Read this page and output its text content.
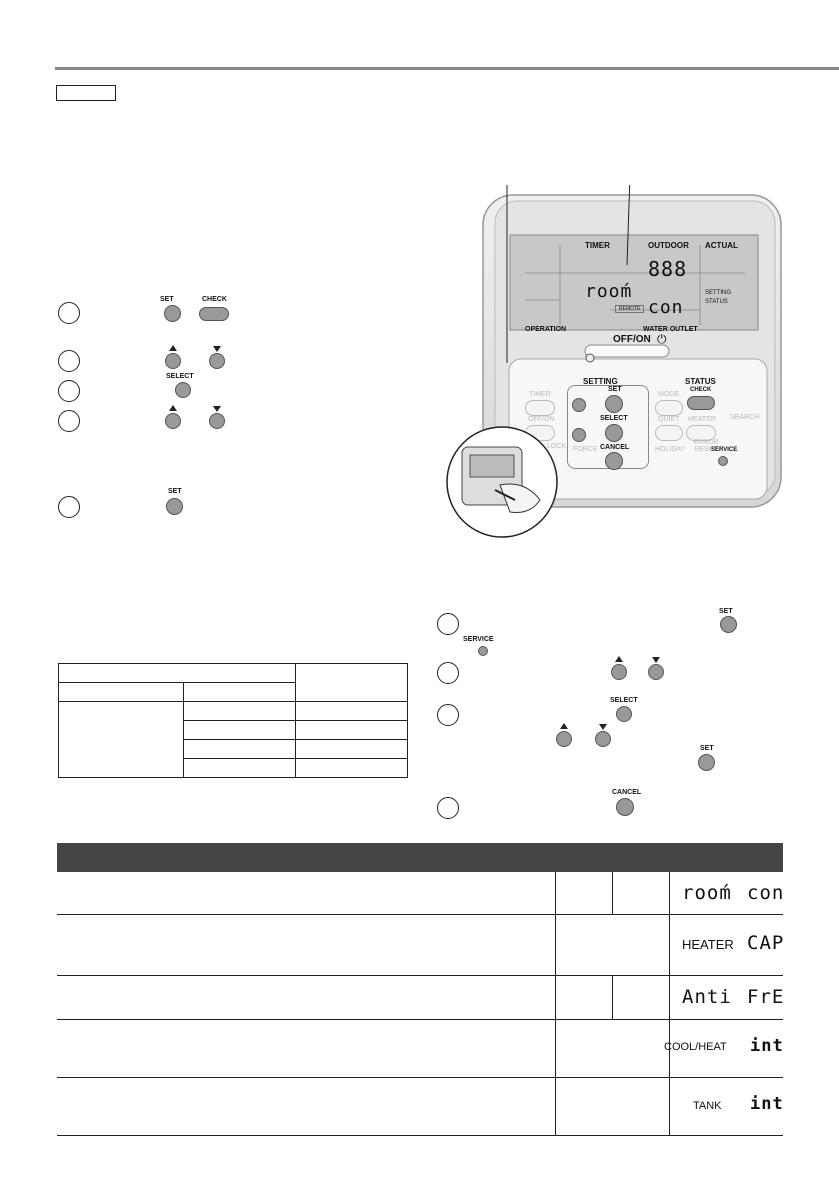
SET	CHECK
SELECT
SET
TIMER	OUTDOOR ACTUAL
888
rooḿ
con
SETTING
STATUS
REMOTE
OPERATION	WATER OUTLET
OFF/ON ⏻
SETTING	STATUS
TIMER
OFF/ON
LOCK
SET
SELECT
CANCEL
FORCE
MODE
QUIET
HOLIDAY
CHECK
HEATER
ERROR RESET
SEARCH
SERVICE
SET
SERVICE
SELECT
SET
CANCEL

rooḿ con
HEATER CAP
Anti FrE
COOL/HEAT int
TANK int
